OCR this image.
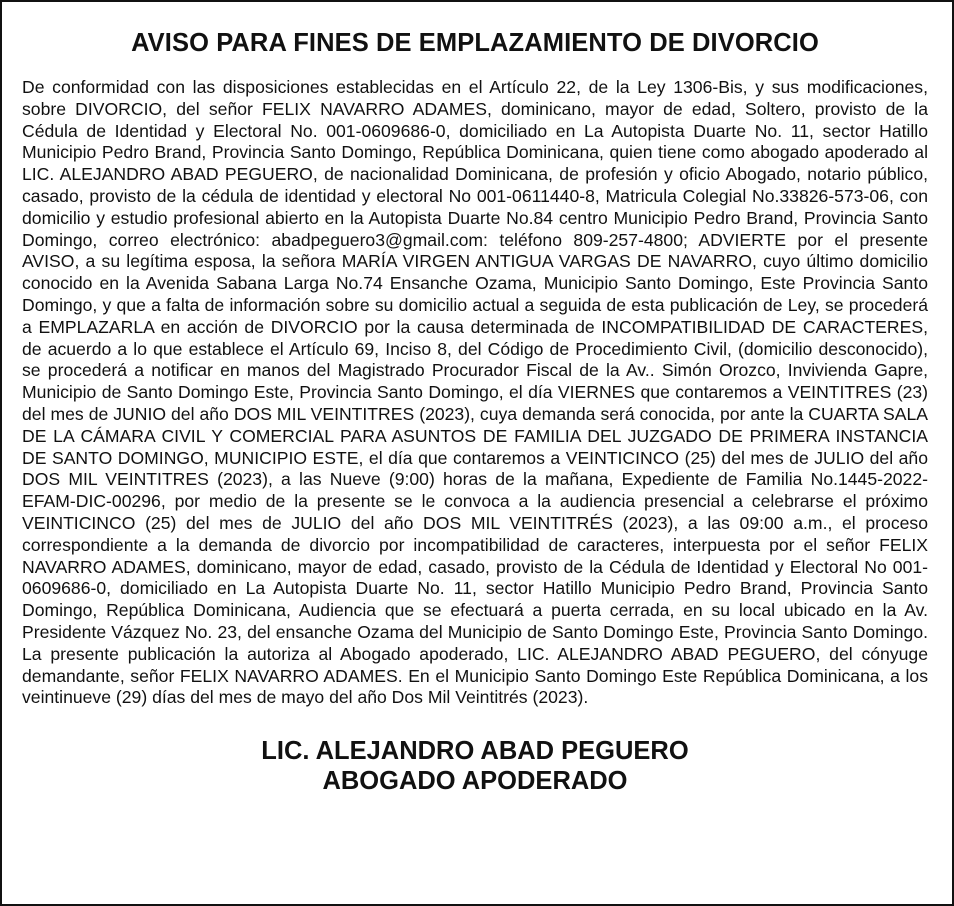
AVISO PARA FINES DE EMPLAZAMIENTO DE DIVORCIO

De conformidad con las disposiciones establecidas en el Artículo 22, de la Ley 1306-Bis, y sus modificaciones, sobre DIVORCIO, del señor FELIX NAVARRO ADAMES, dominicano, mayor de edad, Soltero, provisto de la Cédula de Identidad y Electoral No. 001-0609686-0, domiciliado en La Autopista Duarte No. 11, sector Hatillo Municipio Pedro Brand, Provincia Santo Domingo, República Dominicana, quien tiene como abogado apoderado al LIC. ALEJANDRO ABAD PEGUERO, de nacionalidad Dominicana, de profesión y oficio Abogado, notario público, casado, provisto de la cédula de identidad y electoral No 001-0611440-8, Matricula Colegial No.33826-573-06, con domicilio y estudio profesional abierto en la Autopista Duarte No.84 centro Municipio Pedro Brand, Provincia Santo Domingo, correo electrónico: abadpeguero3@gmail.com: teléfono 809-257-4800; ADVIERTE por el presente AVISO, a su legítima esposa, la señora MARÍA VIRGEN ANTIGUA VARGAS DE NAVARRO, cuyo último domicilio conocido en la Avenida Sabana Larga No.74 Ensanche Ozama, Municipio Santo Domingo, Este Provincia Santo Domingo, y que a falta de información sobre su domicilio actual a seguida de esta publicación de Ley, se procederá a EMPLAZARLA en acción de DIVORCIO por la causa determinada de INCOMPATIBILIDAD DE CARACTERES, de acuerdo a lo que establece el Artículo 69, Inciso 8, del Código de Procedimiento Civil, (domicilio desconocido), se procederá a notificar en manos del Magistrado Procurador Fiscal de la Av.. Simón Orozco, Invivienda Gapre, Municipio de Santo Domingo Este, Provincia Santo Domingo, el día VIERNES que contaremos a VEINTITRES (23) del mes de JUNIO del año DOS MIL VEINTITRES (2023), cuya demanda será conocida, por ante la CUARTA SALA DE LA CÁMARA CIVIL Y COMERCIAL PARA ASUNTOS DE FAMILIA DEL JUZGADO DE PRIMERA INSTANCIA DE SANTO DOMINGO, MUNICIPIO ESTE, el día que contaremos a VEINTICINCO (25) del mes de JULIO del año DOS MIL VEINTITRES (2023), a las Nueve (9:00) horas de la mañana, Expediente de Familia No.1445-2022-EFAM-DIC-00296, por medio de la presente se le convoca a la audiencia presencial a celebrarse el próximo VEINTICINCO (25) del mes de JULIO del año DOS MIL VEINTITRÉS (2023), a las 09:00 a.m., el proceso correspondiente a la demanda de divorcio por incompatibilidad de caracteres, interpuesta por el señor FELIX NAVARRO ADAMES, dominicano, mayor de edad, casado, provisto de la Cédula de Identidad y Electoral No 001- 0609686-0, domiciliado en La Autopista Duarte No. 11, sector Hatillo Municipio Pedro Brand, Provincia Santo Domingo, República Dominicana, Audiencia que se efectuará a puerta cerrada, en su local ubicado en la Av. Presidente Vázquez No. 23, del ensanche Ozama del Municipio de Santo Domingo Este, Provincia Santo Domingo. La presente publicación la autoriza al Abogado apoderado, LIC. ALEJANDRO ABAD PEGUERO, del cónyuge demandante, señor FELIX NAVARRO ADAMES. En el Municipio Santo Domingo Este República Dominicana, a los veintinueve (29) días del mes de mayo del año Dos Mil Veintitrés (2023).

LIC. ALEJANDRO ABAD PEGUERO
ABOGADO APODERADO
